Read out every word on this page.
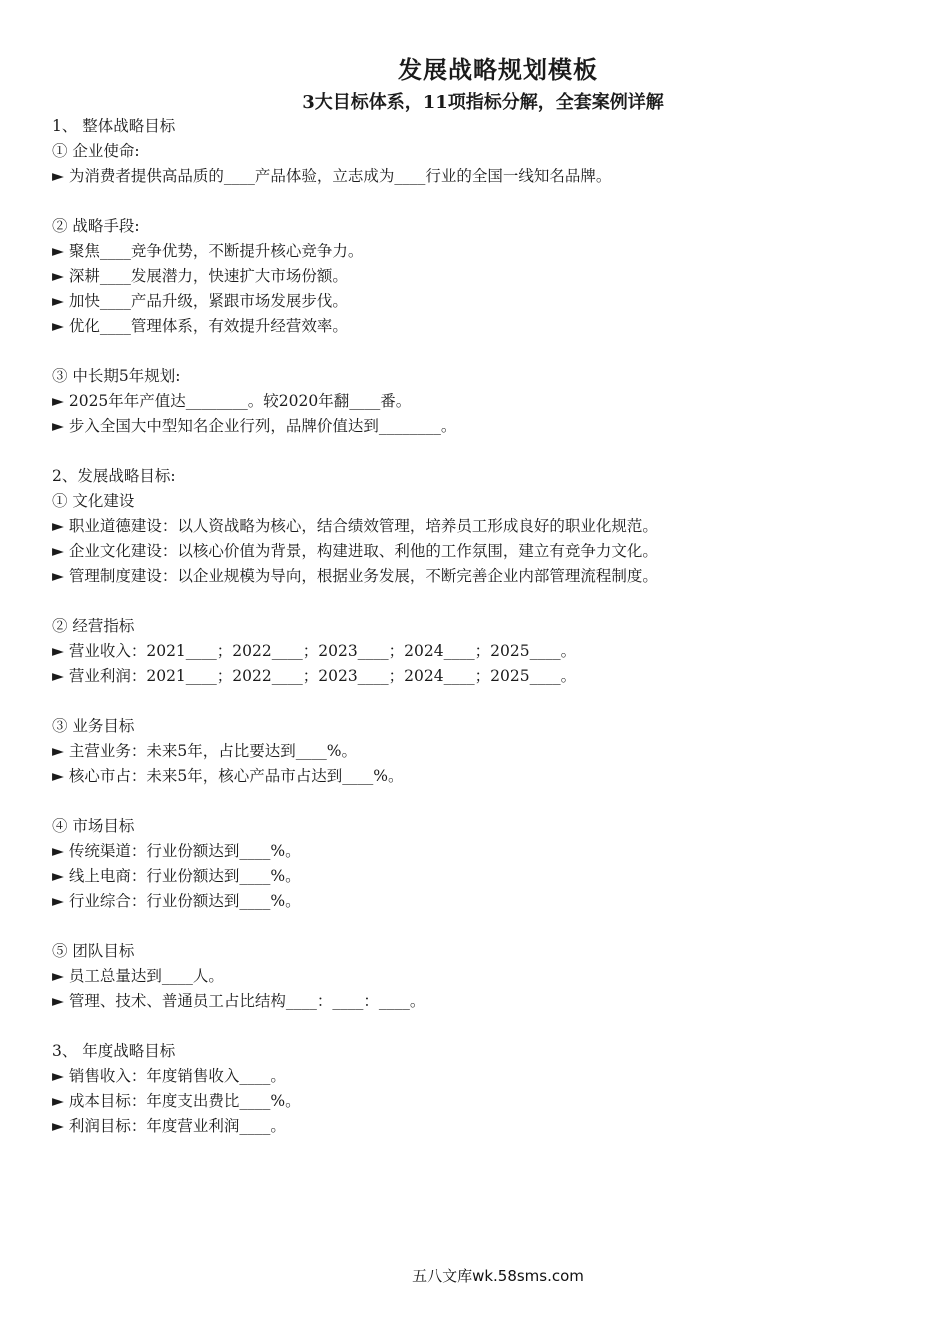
发展战略规划模板
3大目标体系，11项指标分解，全套案例详解
1、 整体战略目标
① 企业使命:
► 为消费者提供高品质的____产品体验，立志成为____行业的全国一线知名品牌。
② 战略手段:
► 聚焦____竞争优势，不断提升核心竞争力。
► 深耕____发展潜力，快速扩大市场份额。
► 加快____产品升级，紧跟市场发展步伐。
► 优化____管理体系，有效提升经营效率。
③ 中长期5年规划:
► 2025年年产值达________。较2020年翻____番。
► 步入全国大中型知名企业行列，品牌价值达到________。
2、发展战略目标:
① 文化建设
► 职业道德建设：以人资战略为核心，结合绩效管理，培养员工形成良好的职业化规范。
► 企业文化建设：以核心价值为背景，构建进取、利他的工作氛围，建立有竞争力文化。
► 管理制度建设：以企业规模为导向，根据业务发展，不断完善企业内部管理流程制度。
② 经营指标
► 营业收入：2021____；2022____；2023____；2024____；2025____。
► 营业利润：2021____；2022____；2023____；2024____；2025____。
③ 业务目标
► 主营业务：未来5年，占比要达到____%。
► 核心市占：未来5年，核心产品市占达到____%。
④ 市场目标
► 传统渠道：行业份额达到____%。
► 线上电商：行业份额达到____%。
► 行业综合：行业份额达到____%。
⑤ 团队目标
► 员工总量达到____人。
► 管理、技术、普通员工占比结构____：____：____。
3、 年度战略目标
► 销售收入：年度销售收入____。
► 成本目标：年度支出费比____%。
► 利润目标：年度营业利润____。
五八文库wk.58sms.com
